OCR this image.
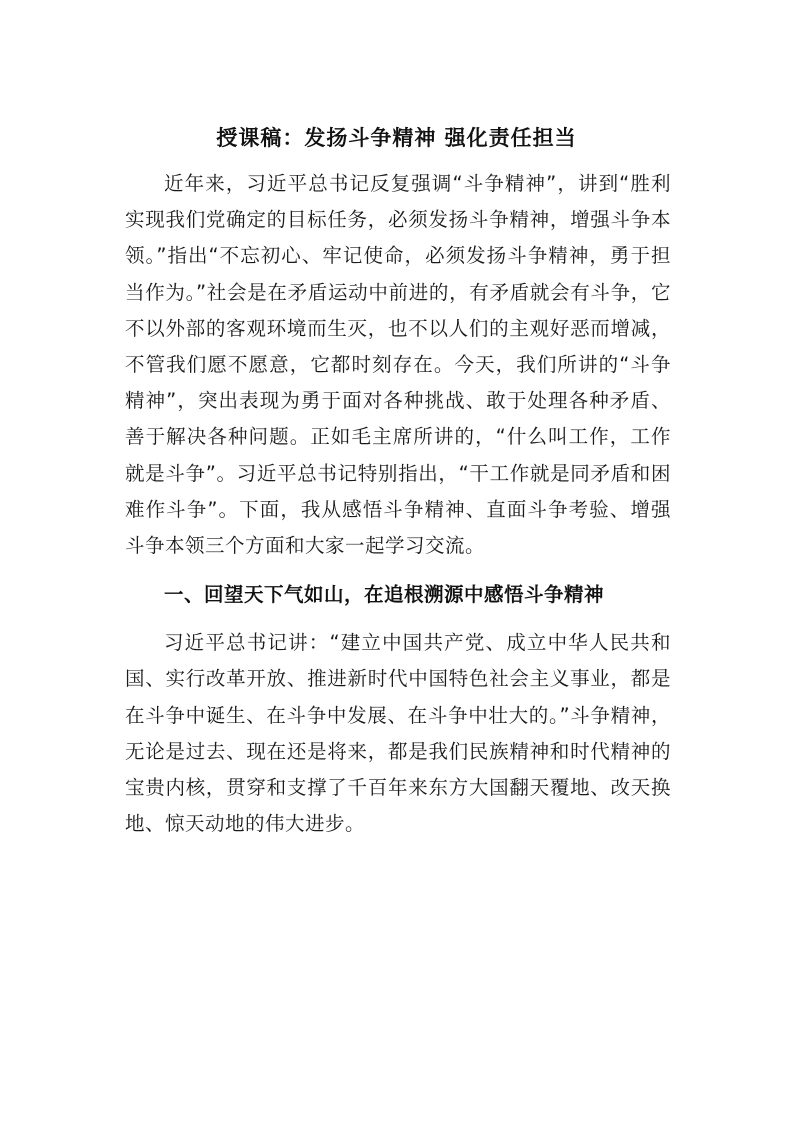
授课稿：发扬斗争精神 强化责任担当

近年来，习近平总书记反复强调“斗争精神”，讲到“胜利实现我们党确定的目标任务，必须发扬斗争精神，增强斗争本领。”指出“不忘初心、牢记使命，必须发扬斗争精神，勇于担当作为。”社会是在矛盾运动中前进的，有矛盾就会有斗争，它不以外部的客观环境而生灭，也不以人们的主观好恶而增减，不管我们愿不愿意，它都时刻存在。今天，我们所讲的“斗争精神”，突出表现为勇于面对各种挑战、敢于处理各种矛盾、善于解决各种问题。正如毛主席所讲的，“什么叫工作，工作就是斗争”。习近平总书记特别指出，“干工作就是同矛盾和困难作斗争”。下面，我从感悟斗争精神、直面斗争考验、增强斗争本领三个方面和大家一起学习交流。

一、回望天下气如山，在追根溯源中感悟斗争精神

习近平总书记讲：“建立中国共产党、成立中华人民共和国、实行改革开放、推进新时代中国特色社会主义事业，都是在斗争中诞生、在斗争中发展、在斗争中壮大的。”斗争精神，无论是过去、现在还是将来，都是我们民族精神和时代精神的宝贵内核，贯穿和支撑了千百年来东方大国翻天覆地、改天换地、惊天动地的伟大进步。
